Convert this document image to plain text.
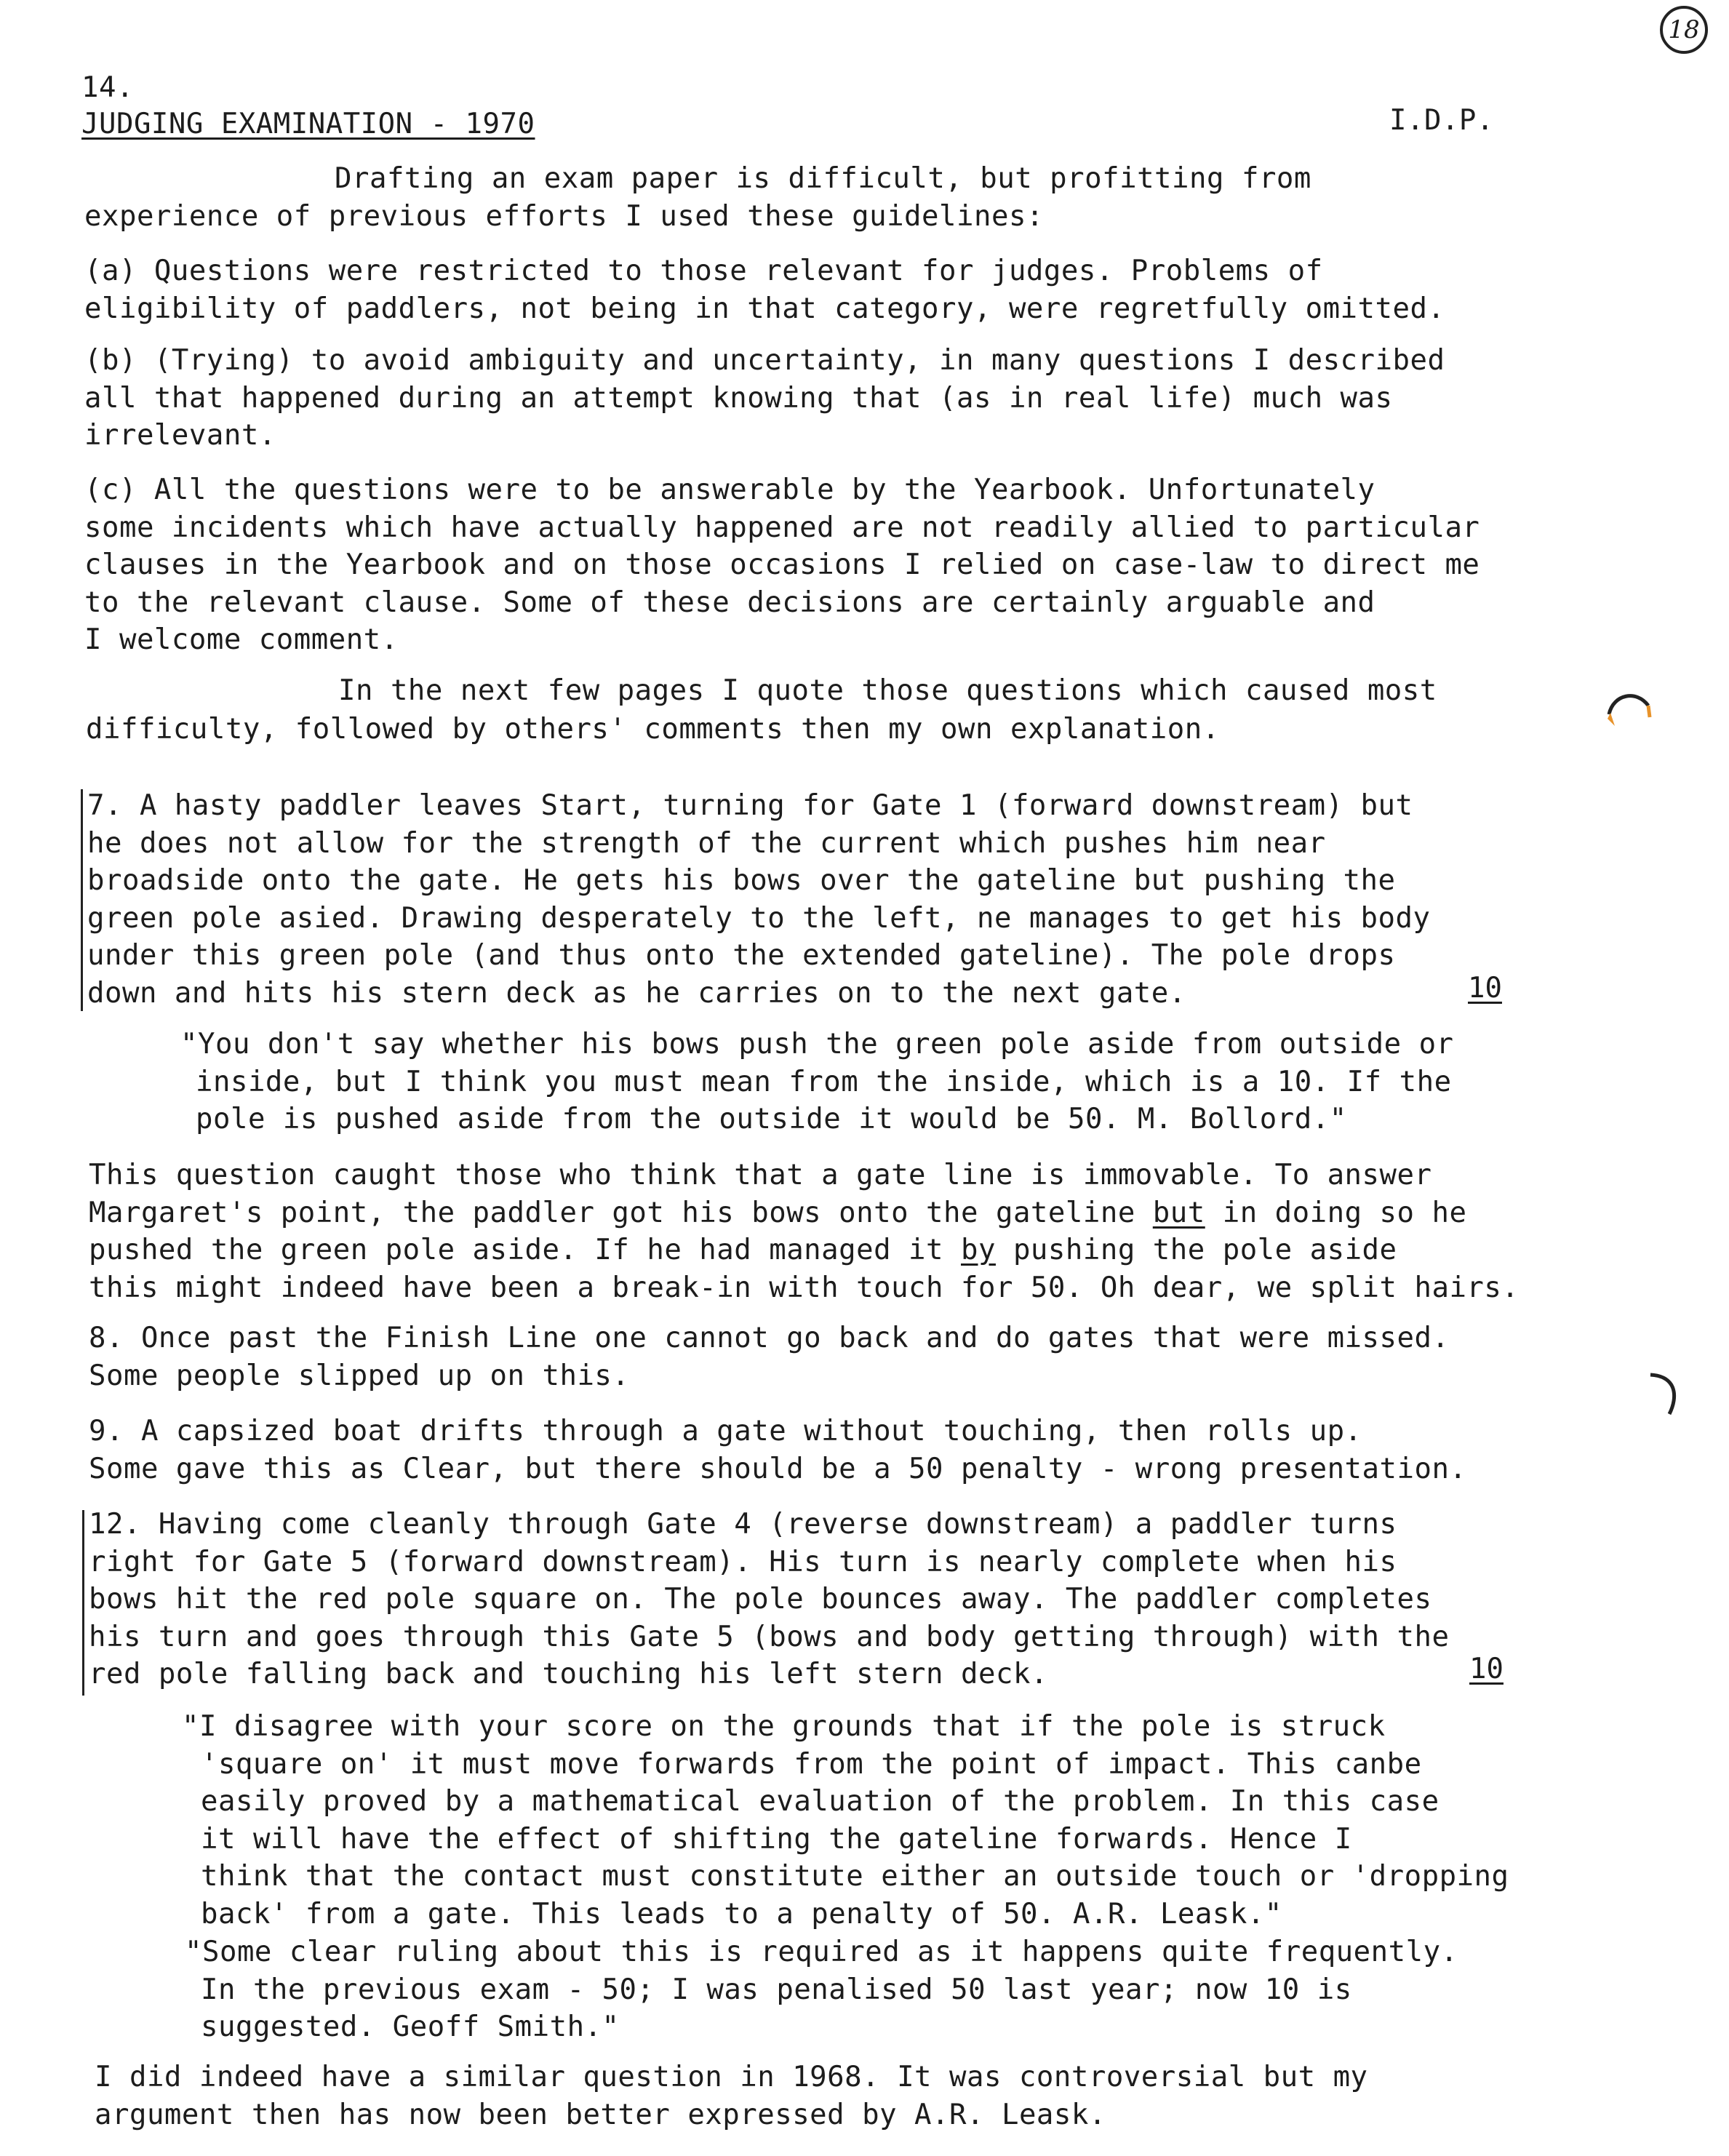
18
14.
JUDGING EXAMINATION - 1970	I.D.P.
Drafting an exam paper is difficult, but profitting from
experience of previous efforts I used these guidelines:
(a) Questions were restricted to those relevant for judges. Problems of
eligibility of paddlers, not being in that category, were regretfully omitted.
(b) (Trying) to avoid ambiguity and uncertainty, in many questions I described
all that happened during an attempt knowing that (as in real life) much was
irrelevant.
(c) All the questions were to be answerable by the Yearbook. Unfortunately
some incidents which have actually happened are not readily allied to particular
clauses in the Yearbook and on those occasions I relied on case-law to direct me
to the relevant clause. Some of these decisions are certainly arguable and
I welcome comment.
In the next few pages I quote those questions which caused most
difficulty, followed by others' comments then my own explanation.
7. A hasty paddler leaves Start, turning for Gate 1 (forward downstream) but
he does not allow for the strength of the current which pushes him near
broadside onto the gate. He gets his bows over the gateline but pushing the
green pole asied. Drawing desperately to the left, ne manages to get his body
under this green pole (and thus onto the extended gateline). The pole drops
down and hits his stern deck as he carries on to the next gate.	10
"You don't say whether his bows push the green pole aside from outside or
inside, but I think you must mean from the inside, which is a 10. If the
pole is pushed aside from the outside it would be 50. M. Bollord."
This question caught those who think that a gate line is immovable. To answer
Margaret's point, the paddler got his bows onto the gateline but in doing so he
pushed the green pole aside. If he had managed it by pushing the pole aside
this might indeed have been a break-in with touch for 50. Oh dear, we split hairs.
8. Once past the Finish Line one cannot go back and do gates that were missed.
Some people slipped up on this.
9. A capsized boat drifts through a gate without touching, then rolls up.
Some gave this as Clear, but there should be a 50 penalty - wrong presentation.
12. Having come cleanly through Gate 4 (reverse downstream) a paddler turns
right for Gate 5 (forward downstream). His turn is nearly complete when his
bows hit the red pole square on. The pole bounces away. The paddler completes
his turn and goes through this Gate 5 (bows and body getting through) with the
red pole falling back and touching his left stern deck.	10
"I disagree with your score on the grounds that if the pole is struck
'square on' it must move forwards from the point of impact. This canbe
easily proved by a mathematical evaluation of the problem. In this case
it will have the effect of shifting the gateline forwards. Hence I
think that the contact must constitute either an outside touch or 'dropping
back' from a gate. This leads to a penalty of 50. A.R. Leask."
"Some clear ruling about this is required as it happens quite frequently.
In the previous exam - 50; I was penalised 50 last year; now 10 is
suggested. Geoff Smith."
I did indeed have a similar question in 1968. It was controversial but my
argument then has now been better expressed by A.R. Leask.
